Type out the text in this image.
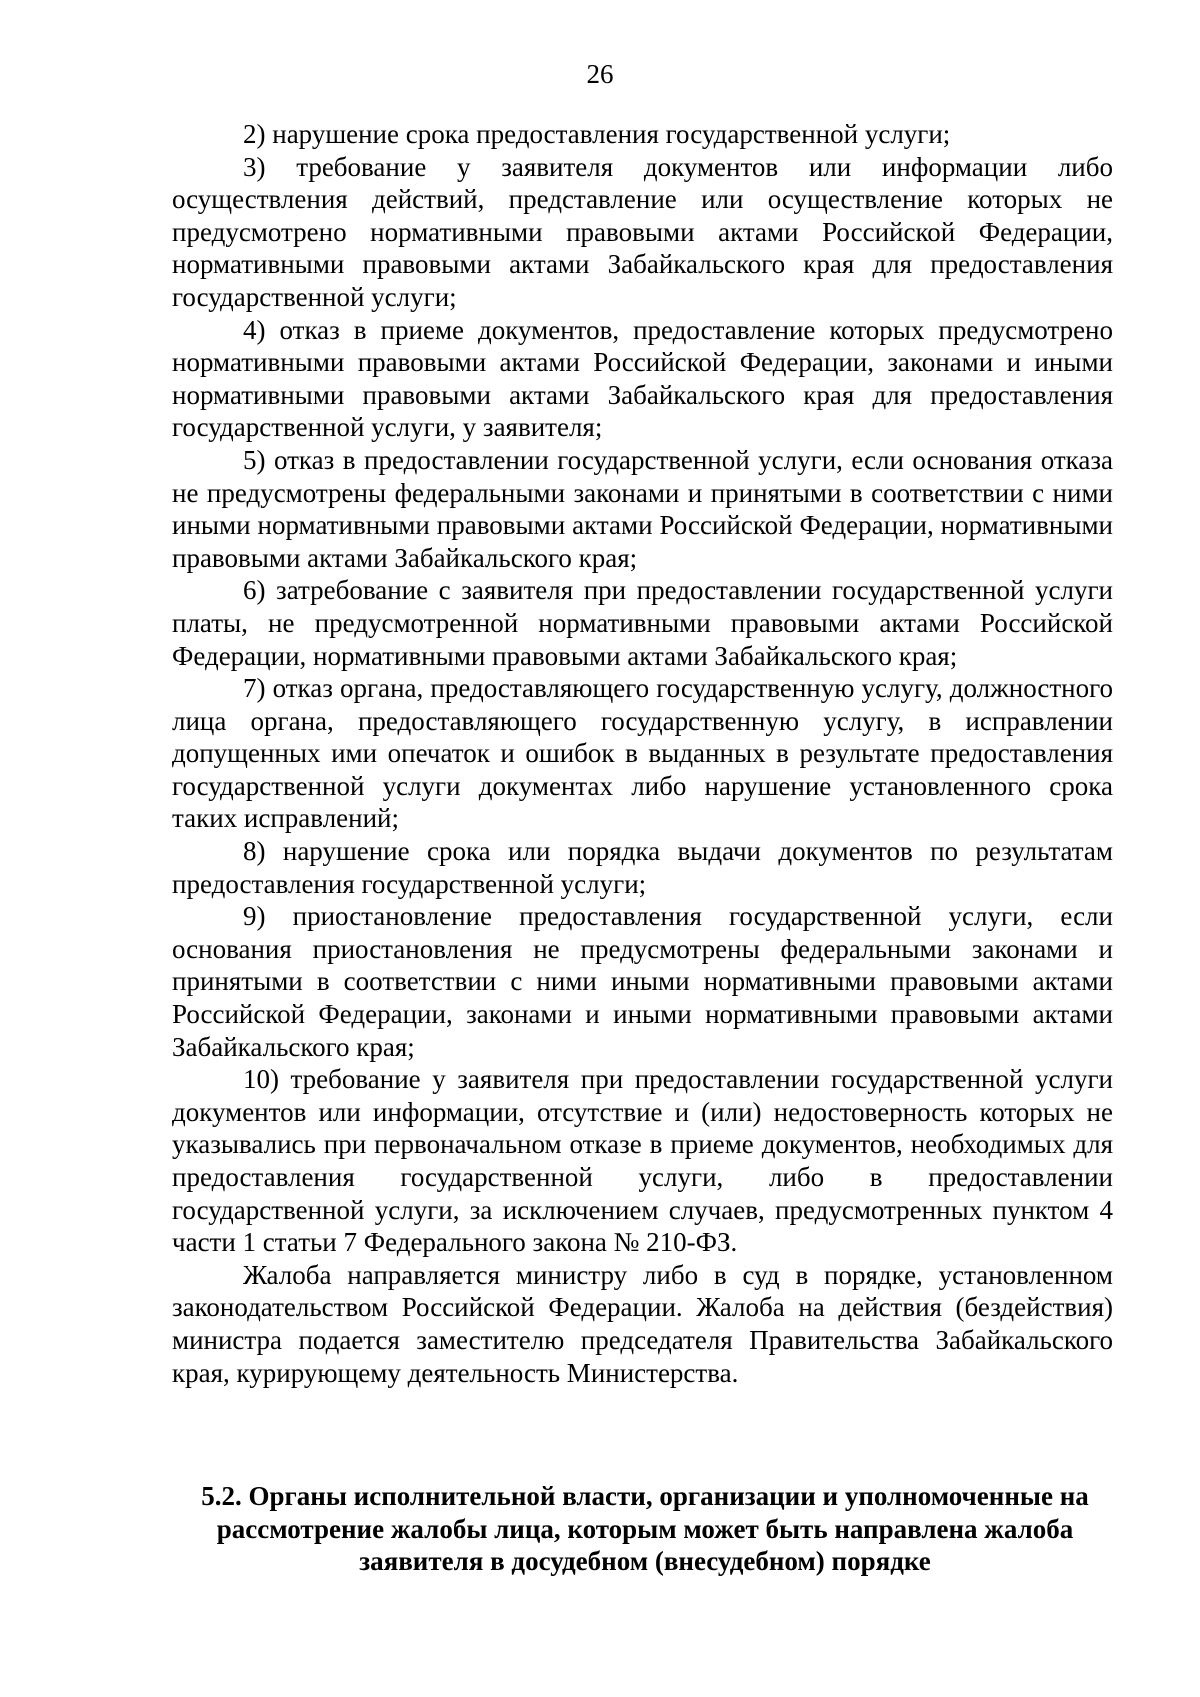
26

2) нарушение срока предоставления государственной услуги;

3) требование у заявителя документов или информации либо осуществления действий, представление или осуществление которых не предусмотрено нормативными правовыми актами Российской Федерации, нормативными правовыми актами Забайкальского края для предоставления государственной услуги;

4) отказ в приеме документов, предоставление которых предусмотрено нормативными правовыми актами Российской Федерации, законами и иными нормативными правовыми актами Забайкальского края для предоставления государственной услуги, у заявителя;

5) отказ в предоставлении государственной услуги, если основания отказа не предусмотрены федеральными законами и принятыми в соответствии с ними иными нормативными правовыми актами Российской Федерации, нормативными правовыми актами Забайкальского края;

6) затребование с заявителя при предоставлении государственной услуги платы, не предусмотренной нормативными правовыми актами Российской Федерации, нормативными правовыми актами Забайкальского края;

7) отказ органа, предоставляющего государственную услугу, должностного лица органа, предоставляющего государственную услугу, в исправлении допущенных ими опечаток и ошибок в выданных в результате предоставления государственной услуги документах либо нарушение установленного срока таких исправлений;

8) нарушение срока или порядка выдачи документов по результатам предоставления государственной услуги;

9) приостановление предоставления государственной услуги, если основания приостановления не предусмотрены федеральными законами и принятыми в соответствии с ними иными нормативными правовыми актами Российской Федерации, законами и иными нормативными правовыми актами Забайкальского края;

10) требование у заявителя при предоставлении государственной услуги документов или информации, отсутствие и (или) недостоверность которых не указывались при первоначальном отказе в приеме документов, необходимых для предоставления государственной услуги, либо в предоставлении государственной услуги, за исключением случаев, предусмотренных пунктом 4 части 1 статьи 7 Федерального закона № 210-ФЗ.

Жалоба направляется министру либо в суд в порядке, установленном законодательством Российской Федерации. Жалоба на действия (бездействия) министра подается заместителю председателя Правительства Забайкальского края, курирующему деятельность Министерства.

5.2. Органы исполнительной власти, организации и уполномоченные на рассмотрение жалобы лица, которым может быть направлена жалоба заявителя в досудебном (внесудебном) порядке
